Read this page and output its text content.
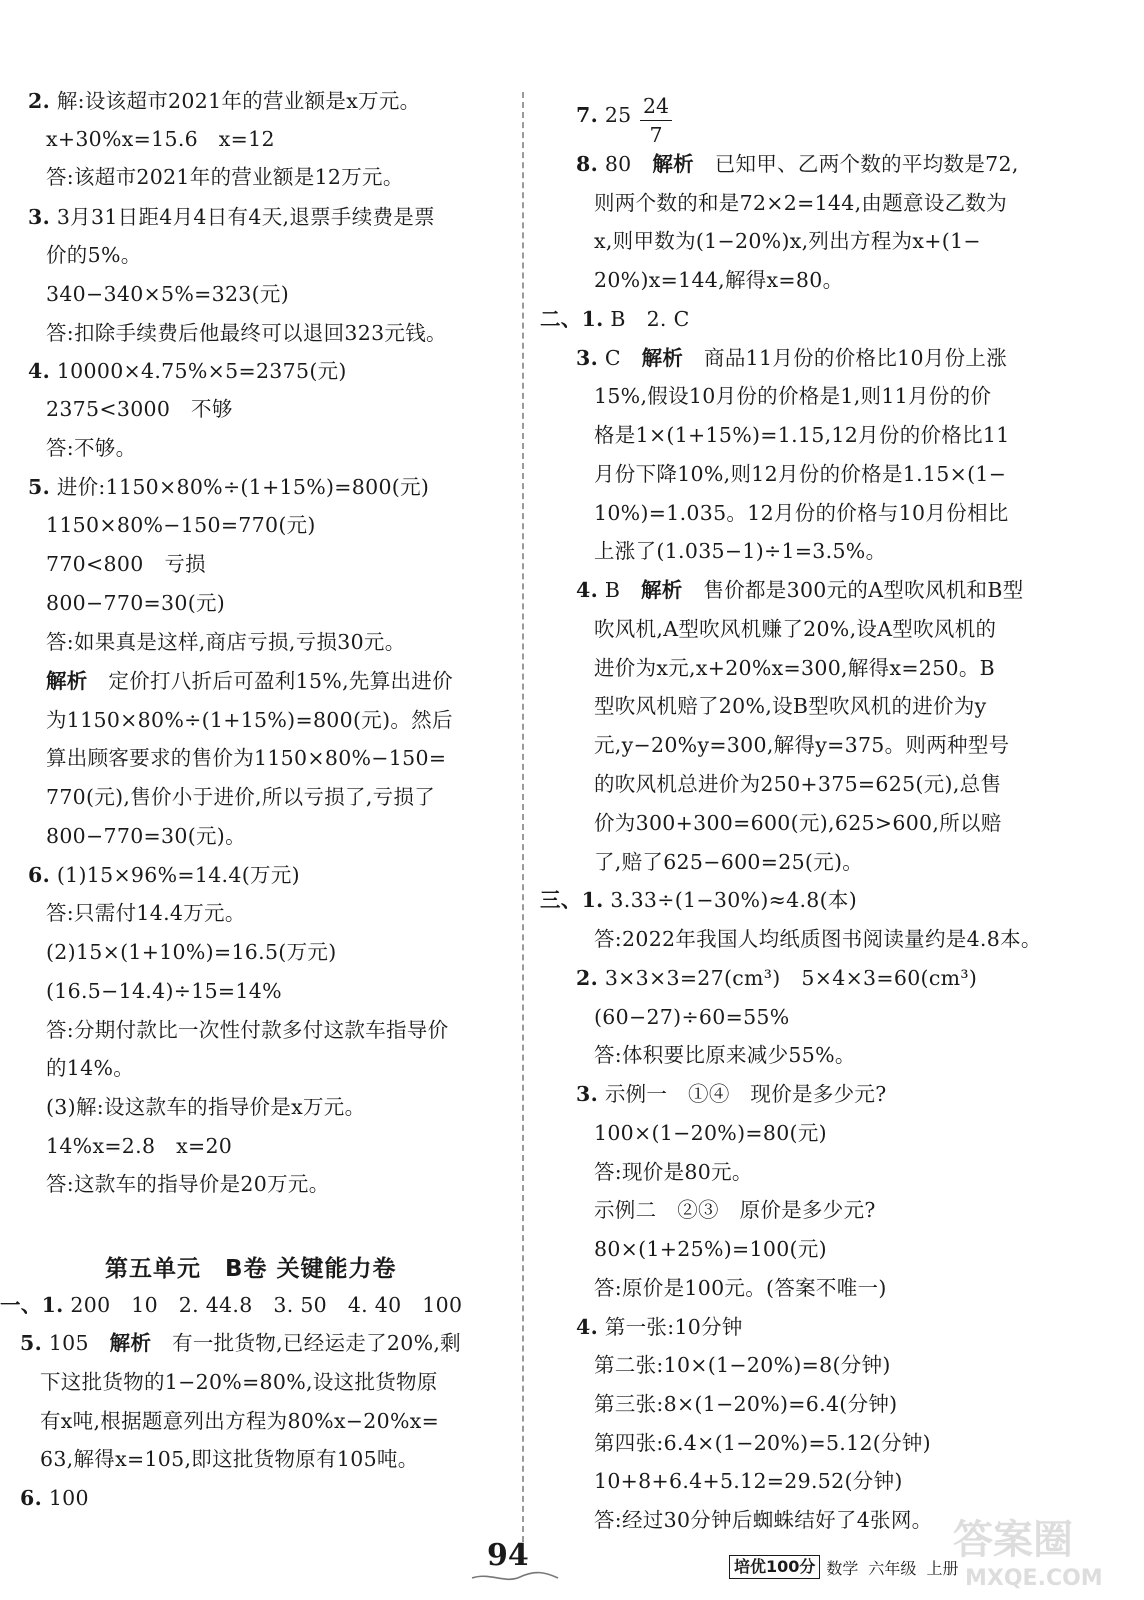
2. 解:设该超市2021年的营业额是x万元。
x+30%x=15.6　x=12
答:该超市2021年的营业额是12万元。
3. 3月31日距4月4日有4天,退票手续费是票
价的5%。
340−340×5%=323(元)
答:扣除手续费后他最终可以退回323元钱。
4. 10000×4.75%×5=2375(元)
2375<3000　不够
答:不够。
5. 进价:1150×80%÷(1+15%)=800(元)
1150×80%−150=770(元)
770<800　亏损
800−770=30(元)
答:如果真是这样,商店亏损,亏损30元。
解析　定价打八折后可盈利15%,先算出进价
为1150×80%÷(1+15%)=800(元)。然后
算出顾客要求的售价为1150×80%−150=
770(元),售价小于进价,所以亏损了,亏损了
800−770=30(元)。
6. (1)15×96%=14.4(万元)
答:只需付14.4万元。
(2)15×(1+10%)=16.5(万元)
(16.5−14.4)÷15=14%
答:分期付款比一次性付款多付这款车指导价
的14%。
(3)解:设这款车的指导价是x万元。
14%x=2.8　x=20
答:这款车的指导价是20万元。
一、1. 200　10　2. 44.8　3. 50　4. 40　100
5. 105　解析　有一批货物,已经运走了20%,剩
下这批货物的1−20%=80%,设这批货物原
有x吨,根据题意列出方程为80%x−20%x=
63,解得x=105,即这批货物原有105吨。
6. 100
7. 25
8. 80　解析　已知甲、乙两个数的平均数是72,
则两个数的和是72×2=144,由题意设乙数为
x,则甲数为(1−20%)x,列出方程为x+(1−
20%)x=144,解得x=80。
二、1. B　2. C
3. C　解析　商品11月份的价格比10月份上涨
15%,假设10月份的价格是1,则11月份的价
格是1×(1+15%)=1.15,12月份的价格比11
月份下降10%,则12月份的价格是1.15×(1−
10%)=1.035。12月份的价格与10月份相比
上涨了(1.035−1)÷1=3.5%。
4. B　解析　售价都是300元的A型吹风机和B型
吹风机,A型吹风机赚了20%,设A型吹风机的
进价为x元,x+20%x=300,解得x=250。B
型吹风机赔了20%,设B型吹风机的进价为y
元,y−20%y=300,解得y=375。则两种型号
的吹风机总进价为250+375=625(元),总售
价为300+300=600(元),625>600,所以赔
了,赔了625−600=25(元)。
三、1. 3.33÷(1−30%)≈4.8(本)
答:2022年我国人均纸质图书阅读量约是4.8本。
2. 3×3×3=27(cm³)　5×4×3=60(cm³)
(60−27)÷60=55%
答:体积要比原来减少55%。
3. 示例一　①④　现价是多少元?
100×(1−20%)=80(元)
答:现价是80元。
示例二　②③　原价是多少元?
80×(1+25%)=100(元)
答:原价是100元。(答案不唯一)
4. 第一张:10分钟
第二张:10×(1−20%)=8(分钟)
第三张:8×(1−20%)=6.4(分钟)
第四张:6.4×(1−20%)=5.12(分钟)
10+8+6.4+5.12=29.52(分钟)
答:经过30分钟后蜘蛛结好了4张网。
第五单元　B卷 关键能力卷
$\frac{24}{7}$
94	培优100分 数学 六年级 上册
答案圈
MXQE.COM
